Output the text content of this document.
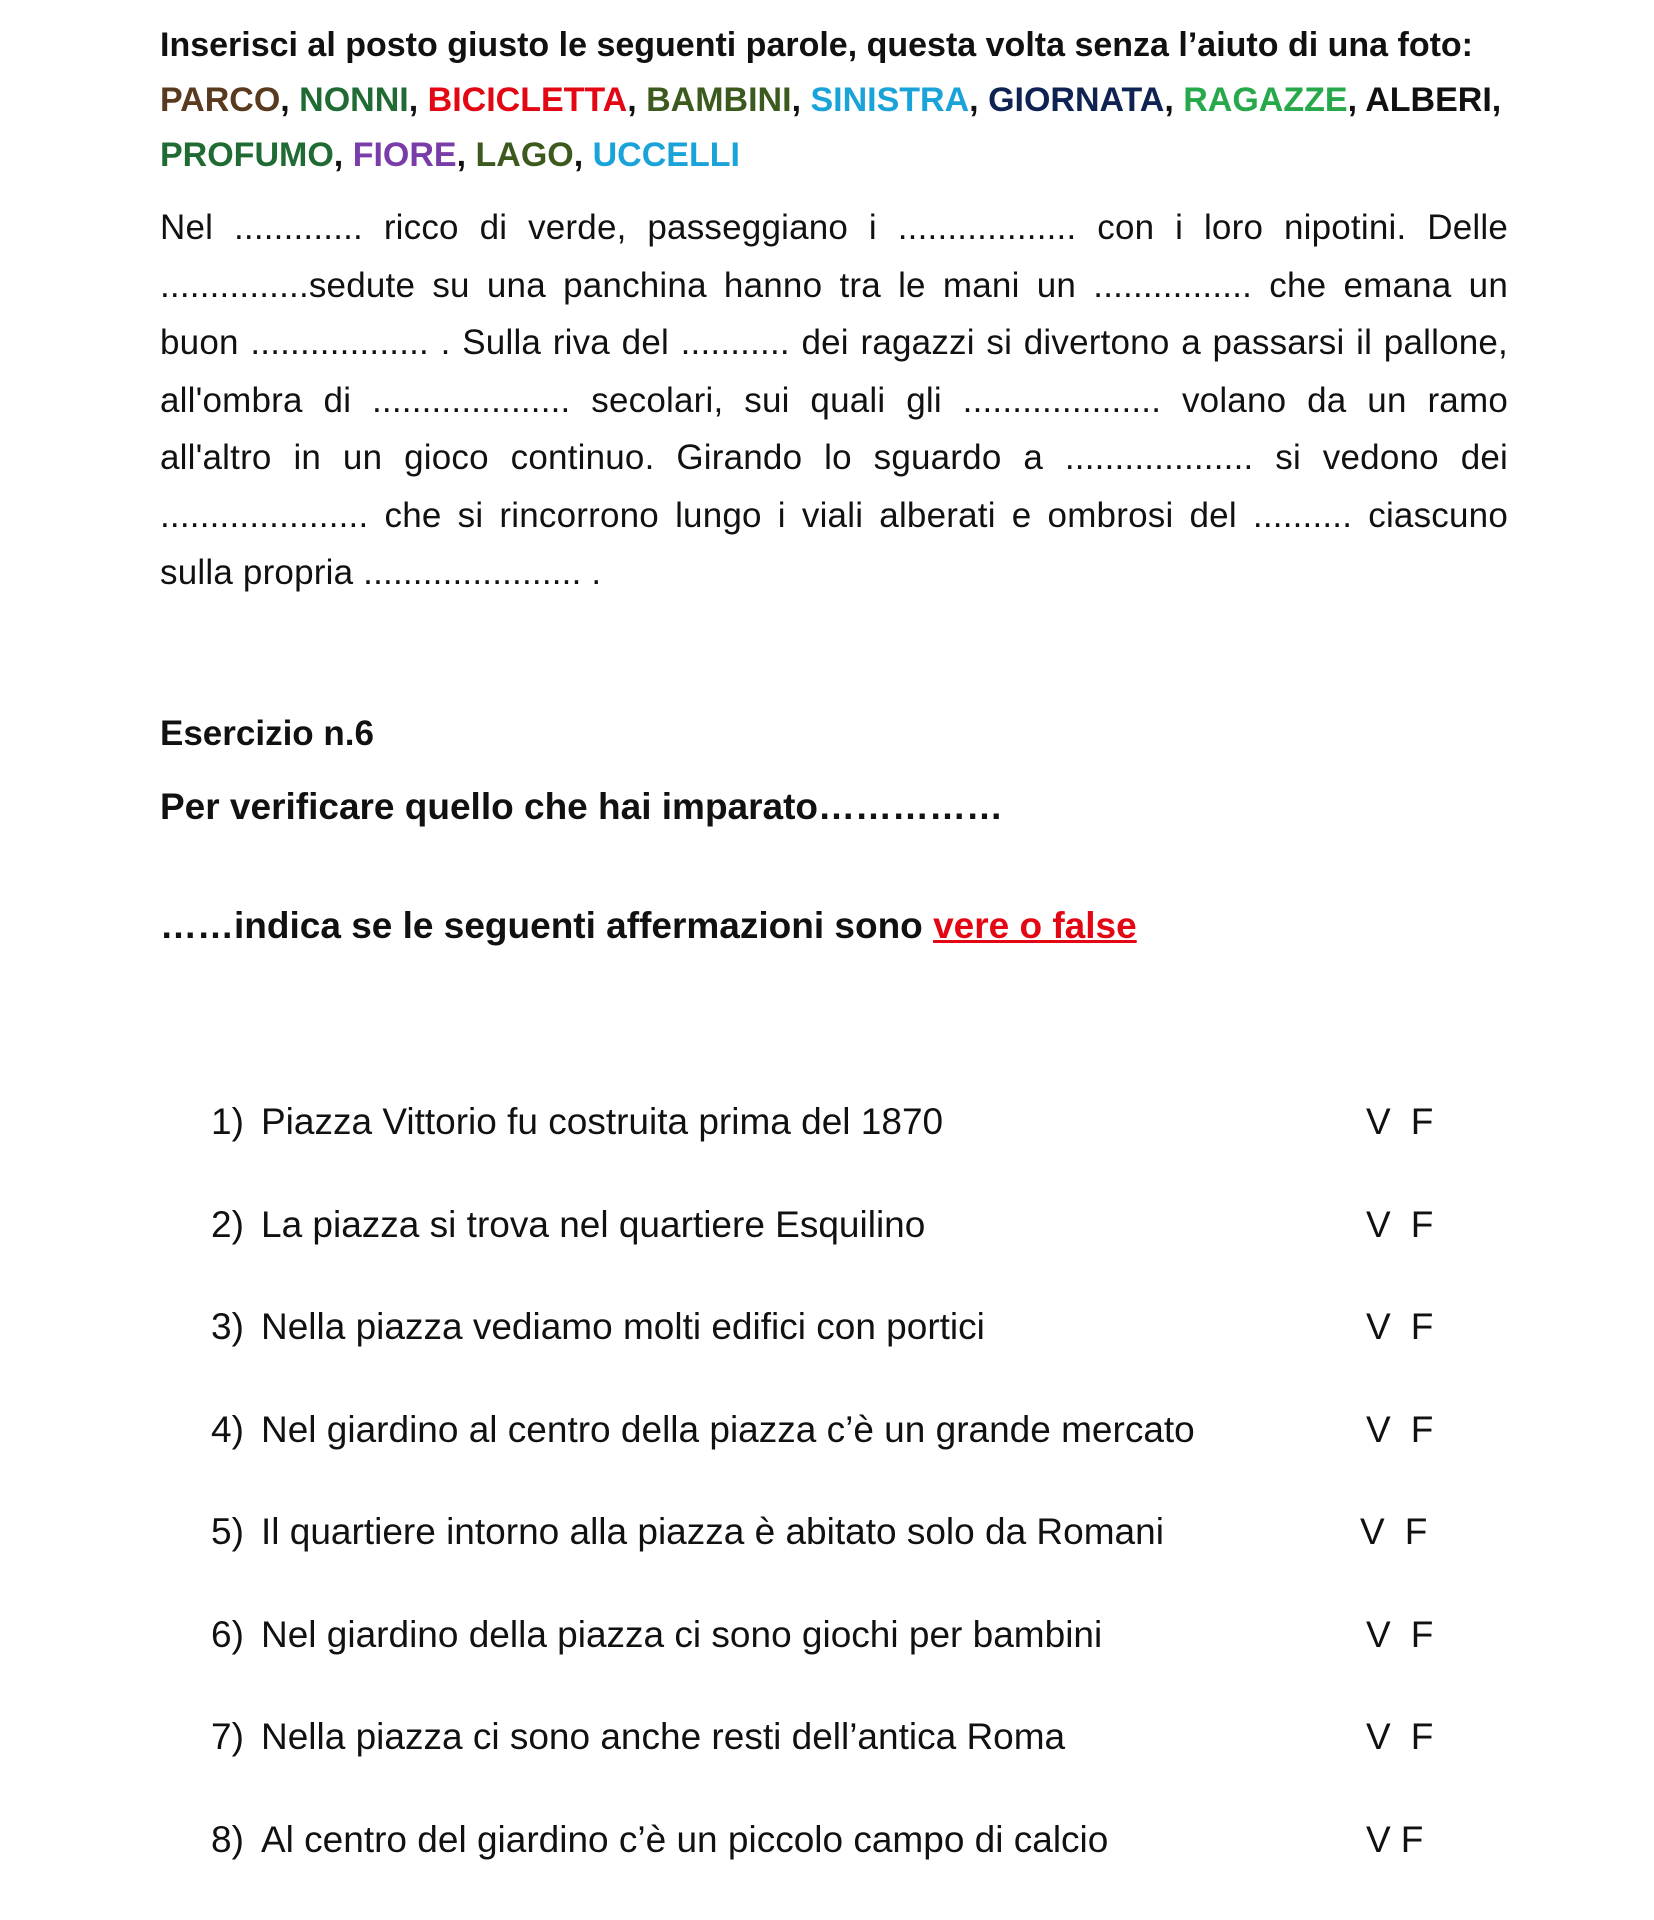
Inserisci al posto giusto le seguenti parole, questa volta senza l’aiuto di una foto:

PARCO, NONNI, BICICLETTA, BAMBINI, SINISTRA, GIORNATA, RAGAZZE, ALBERI, PROFUMO, FIORE, LAGO, UCCELLI

Nel ............. ricco di verde, passeggiano i .................. con i loro nipotini. Delle ...............sedute su una panchina hanno tra le mani un ................ che emana un buon .................. . Sulla riva del ........... dei ragazzi si divertono a passarsi il pallone, all'ombra di .................... secolari, sui quali gli .................... volano da un ramo all'altro in un gioco continuo. Girando lo sguardo a ................... si vedono dei ..................... che si rincorrono lungo i viali alberati e ombrosi del .......... ciascuno sulla propria ...................... .

Esercizio n.6

Per verificare quello che hai imparato……………

……indica se le seguenti affermazioni sono vere o false

1) Piazza Vittorio fu costruita prima del 1870	V F
2) La piazza si trova nel quartiere Esquilino	V F
3) Nella piazza vediamo molti edifici con portici	V F
4) Nel giardino al centro della piazza c’è un grande mercato	V F
5) Il quartiere intorno alla piazza è abitato solo da Romani	V F
6) Nel giardino della piazza ci sono giochi per bambini	V F
7) Nella piazza ci sono anche resti dell’antica Roma	V F
8) Al centro del giardino c’è un piccolo campo di calcio	V F
